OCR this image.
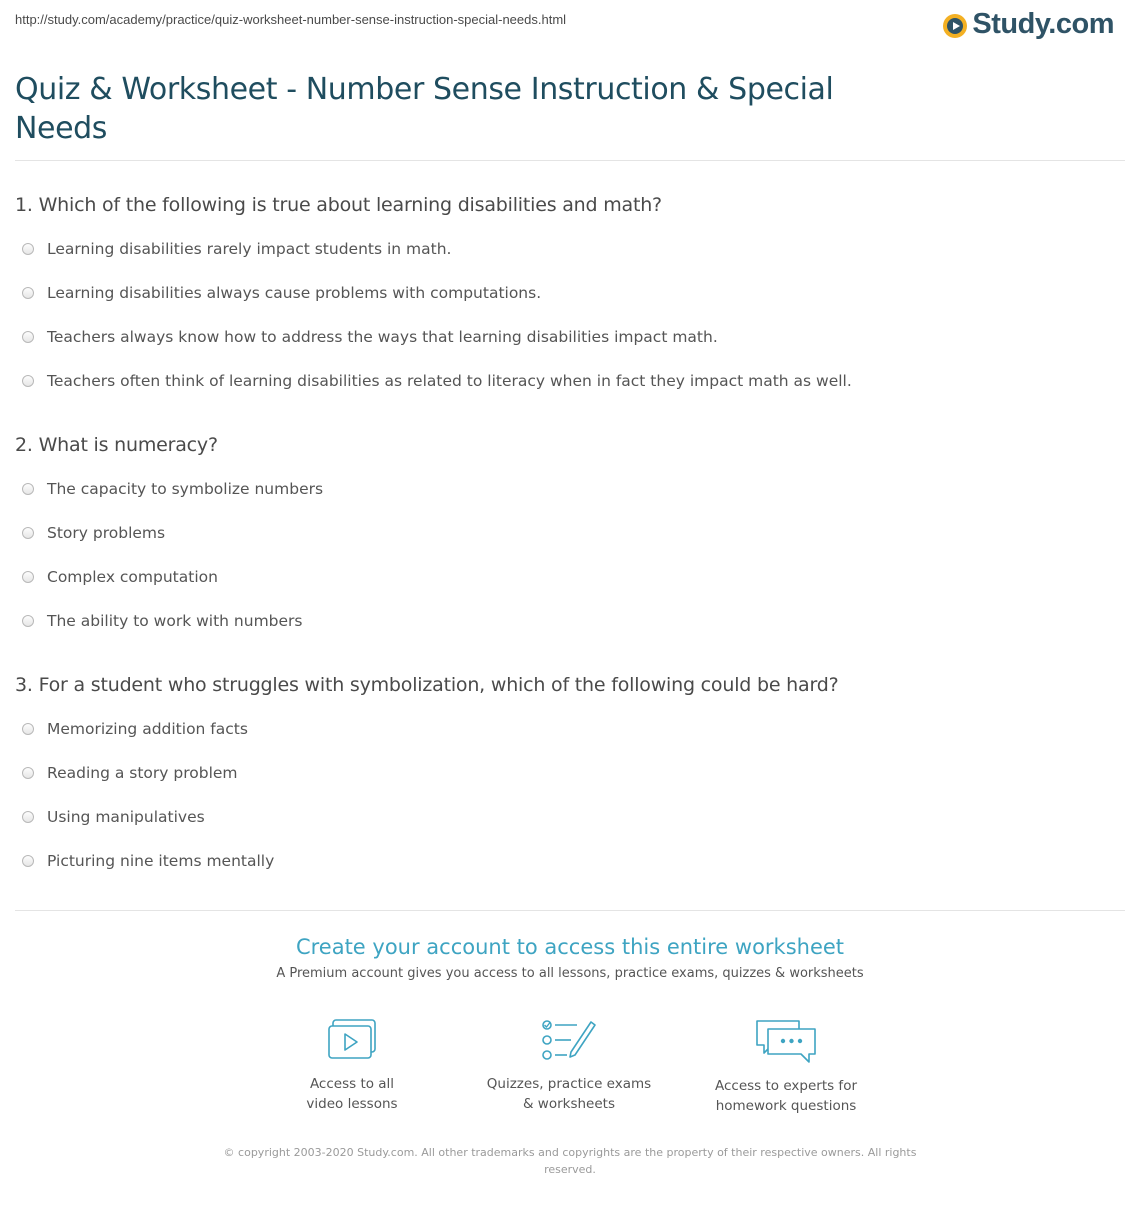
http://study.com/academy/practice/quiz-worksheet-number-sense-instruction-special-needs.html	Study.com
Quiz & Worksheet - Number Sense Instruction & Special Needs
1. Which of the following is true about learning disabilities and math?
Learning disabilities rarely impact students in math.
Learning disabilities always cause problems with computations.
Teachers always know how to address the ways that learning disabilities impact math.
Teachers often think of learning disabilities as related to literacy when in fact they impact math as well.
2. What is numeracy?
The capacity to symbolize numbers
Story problems
Complex computation
The ability to work with numbers
3. For a student who struggles with symbolization, which of the following could be hard?
Memorizing addition facts
Reading a story problem
Using manipulatives
Picturing nine items mentally
Create your account to access this entire worksheet
A Premium account gives you access to all lessons, practice exams, quizzes & worksheets
Access to all
video lessons
Quizzes, practice exams
& worksheets
Access to experts for
homework questions
© copyright 2003-2020 Study.com. All other trademarks and copyrights are the property of their respective owners. All rights reserved.
